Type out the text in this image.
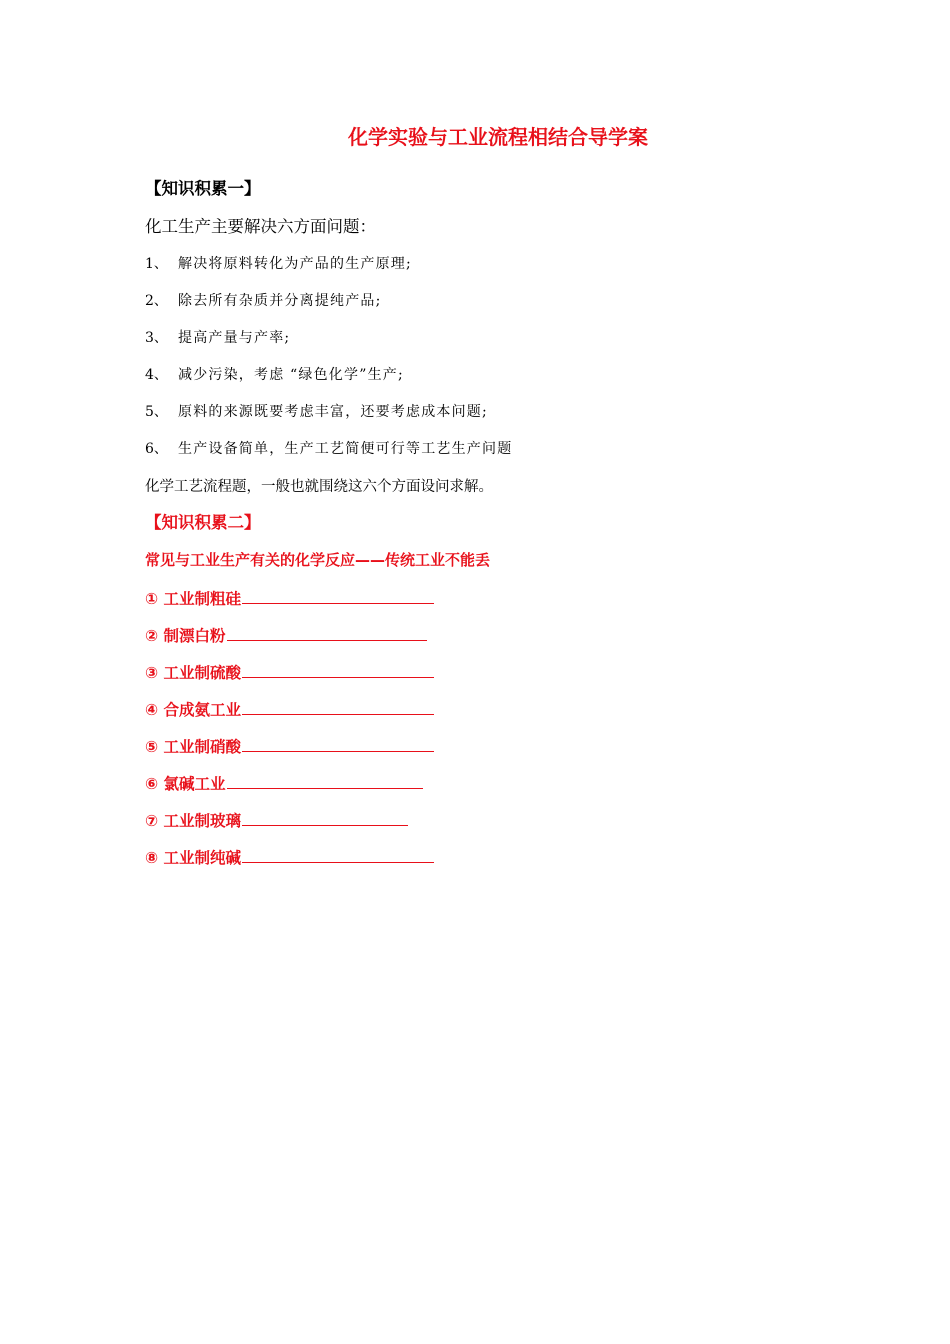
化学实验与工业流程相结合导学案
【知识积累一】
化工生产主要解决六方面问题：
1、 解决将原料转化为产品的生产原理;
2、 除去所有杂质并分离提纯产品;
3、 提高产量与产率;
4、 减少污染，考虑 “绿色化学”生产;
5、 原料的来源既要考虑丰富，还要考虑成本问题;
6、 生产设备简单，生产工艺简便可行等工艺生产问题
化学工艺流程题，一般也就围绕这六个方面设问求解。
【知识积累二】
常见与工业生产有关的化学反应——传统工业不能丢
① 工业制粗硅
② 制漂白粉
③ 工业制硫酸
④ 合成氨工业
⑤ 工业制硝酸
⑥ 氯碱工业
⑦ 工业制玻璃
⑧ 工业制纯碱
